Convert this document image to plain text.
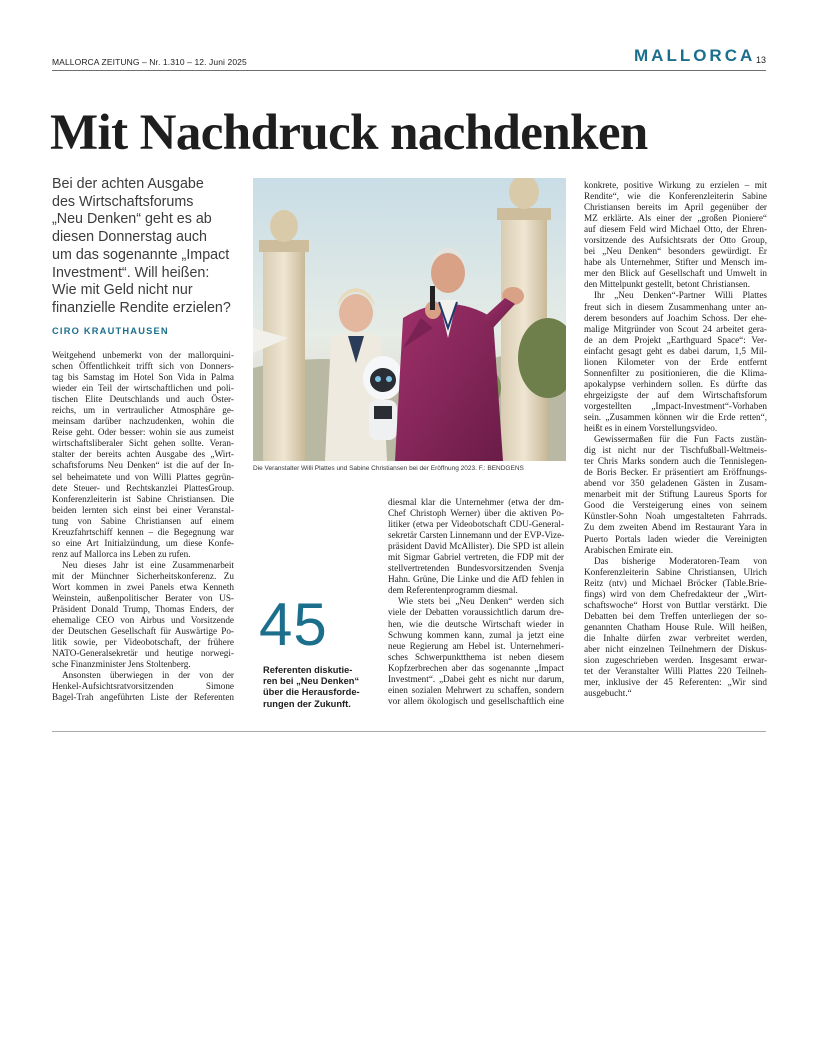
MALLORCA ZEITUNG – Nr. 1.310 – 12. Juni 2025	MALLORCA 13
Mit Nachdruck nachdenken
Bei der achten Ausgabe
des Wirtschaftsforums
„Neu Denken“ geht es ab
diesen Donnerstag auch
um das sogenannte „Impact
Investment“. Will heißen:
Wie mit Geld nicht nur
finanzielle Rendite erzielen?
CIRO KRAUTHAUSEN
Weitgehend unbemerkt von der mallorquini-
schen Öffentlichkeit trifft sich von Donners-
tag bis Samstag im Hotel Son Vida in Palma
wieder ein Teil der wirtschaftlichen und poli-
tischen Elite Deutschlands und auch Öster-
reichs, um in vertraulicher Atmosphäre ge-
meinsam darüber nachzudenken, wohin die
Reise geht. Oder besser: wohin sie aus zumeist
wirtschaftsliberaler Sicht gehen sollte. Veran-
stalter der bereits achten Ausgabe des „Wirt-
schaftsforums Neu Denken“ ist die auf der In-
sel beheimatete und von Willi Plattes gegrün-
dete Steuer- und Rechtskanzlei PlattesGroup.
Konferenzleiterin ist Sabine Christiansen. Die
beiden lernten sich einst bei einer Veranstal-
tung von Sabine Christiansen auf einem
Kreuzfahrtschiff kennen – die Begegnung war
so eine Art Initialzündung, um diese Konfe-
renz auf Mallorca ins Leben zu rufen.
Neu dieses Jahr ist eine Zusammenarbeit
mit der Münchner Sicherheitskonferenz. Zu
Wort kommen in zwei Panels etwa Kenneth
Weinstein, außenpolitischer Berater von US-
Präsident Donald Trump, Thomas Enders, der
ehemalige CEO von Airbus und Vorsitzende
der Deutschen Gesellschaft für Auswärtige Po-
litik sowie, per Videobotschaft, der frühere
NATO-Generalsekretär und heutige norwegi-
sche Finanzminister Jens Stoltenberg.
Ansonsten überwiegen in der von der
Henkel-Aufsichtsratvorsitzenden Simone
Bagel-Trah angeführten Liste der Referenten
Die Veranstalter Willi Plattes und Sabine Christiansen bei der Eröffnung 2023. F.: BENDGENS
45
Referenten diskutie-
ren bei „Neu Denken“
über die Herausforde-
rungen der Zukunft.
diesmal klar die Unternehmer (etwa der dm-
Chef Christoph Werner) über die aktiven Po-
litiker (etwa per Videobotschaft CDU-General-
sekretär Carsten Linnemann und der EVP-Vize-
präsident David McAllister). Die SPD ist allein
mit Sigmar Gabriel vertreten, die FDP mit der
stellvertretenden Bundesvorsitzenden Svenja
Hahn. Grüne, Die Linke und die AfD fehlen in
dem Referentenprogramm diesmal.
Wie stets bei „Neu Denken“ werden sich
viele der Debatten voraussichtlich darum dre-
hen, wie die deutsche Wirtschaft wieder in
Schwung kommen kann, zumal ja jetzt eine
neue Regierung am Hebel ist. Unternehmeri-
sches Schwerpunktthema ist neben diesem
Kopfzerbrechen aber das sogenannte „Impact
Investment“. „Dabei geht es nicht nur darum,
einen sozialen Mehrwert zu schaffen, sondern
vor allem ökologisch und gesellschaftlich eine
konkrete, positive Wirkung zu erzielen – mit
Rendite“, wie die Konferenzleiterin Sabine
Christiansen bereits im April gegenüber der
MZ erklärte. Als einer der „großen Pioniere“
auf diesem Feld wird Michael Otto, der Ehren-
vorsitzende des Aufsichtsrats der Otto Group,
bei „Neu Denken“ besonders gewürdigt. Er
habe als Unternehmer, Stifter und Mensch im-
mer den Blick auf Gesellschaft und Umwelt in
den Mittelpunkt gestellt, betont Christiansen.
Ihr „Neu Denken“-Partner Willi Plattes
freut sich in diesem Zusammenhang unter an-
derem besonders auf Joachim Schoss. Der ehe-
malige Mitgründer von Scout 24 arbeitet gera-
de an dem Projekt „Earthguard Space“: Ver-
einfacht gesagt geht es dabei darum, 1,5 Mil-
lionen Kilometer von der Erde entfernt
Sonnenfilter zu positionieren, die die Klima-
apokalypse verhindern sollen. Es dürfte das
ehrgeizigste der auf dem Wirtschaftsforum
vorgestellten „Impact-Investment“-Vorhaben
sein. „Zusammen können wir die Erde retten“,
heißt es in einem Vorstellungsvideo.
Gewissermaßen für die Fun Facts zustän-
dig ist nicht nur der Tischfußball-Weltmeis-
ter Chris Marks sondern auch die Tennislegen-
de Boris Becker. Er präsentiert am Eröffnungs-
abend vor 350 geladenen Gästen in Zusam-
menarbeit mit der Stiftung Laureus Sports for
Good die Versteigerung eines von seinem
Künstler-Sohn Noah umgestalteten Fahrrads.
Zu dem zweiten Abend im Restaurant Yara in
Puerto Portals laden wieder die Vereinigten
Arabischen Emirate ein.
Das bisherige Moderatoren-Team von
Konferenzleiterin Sabine Christiansen, Ulrich
Reitz (ntv) und Michael Bröcker (Table.Brie-
fings) wird von dem Chefredakteur der „Wirt-
schaftswoche“ Horst von Buttlar verstärkt. Die
Debatten bei dem Treffen unterliegen der so-
genannten Chatham House Rule. Will heißen,
die Inhalte dürfen zwar verbreitet werden,
aber nicht einzelnen Teilnehmern der Diskus-
sion zugeschrieben werden. Insgesamt erwar-
tet der Veranstalter Willi Plattes 220 Teilneh-
mer, inklusive der 45 Referenten: „Wir sind
ausgebucht.“
